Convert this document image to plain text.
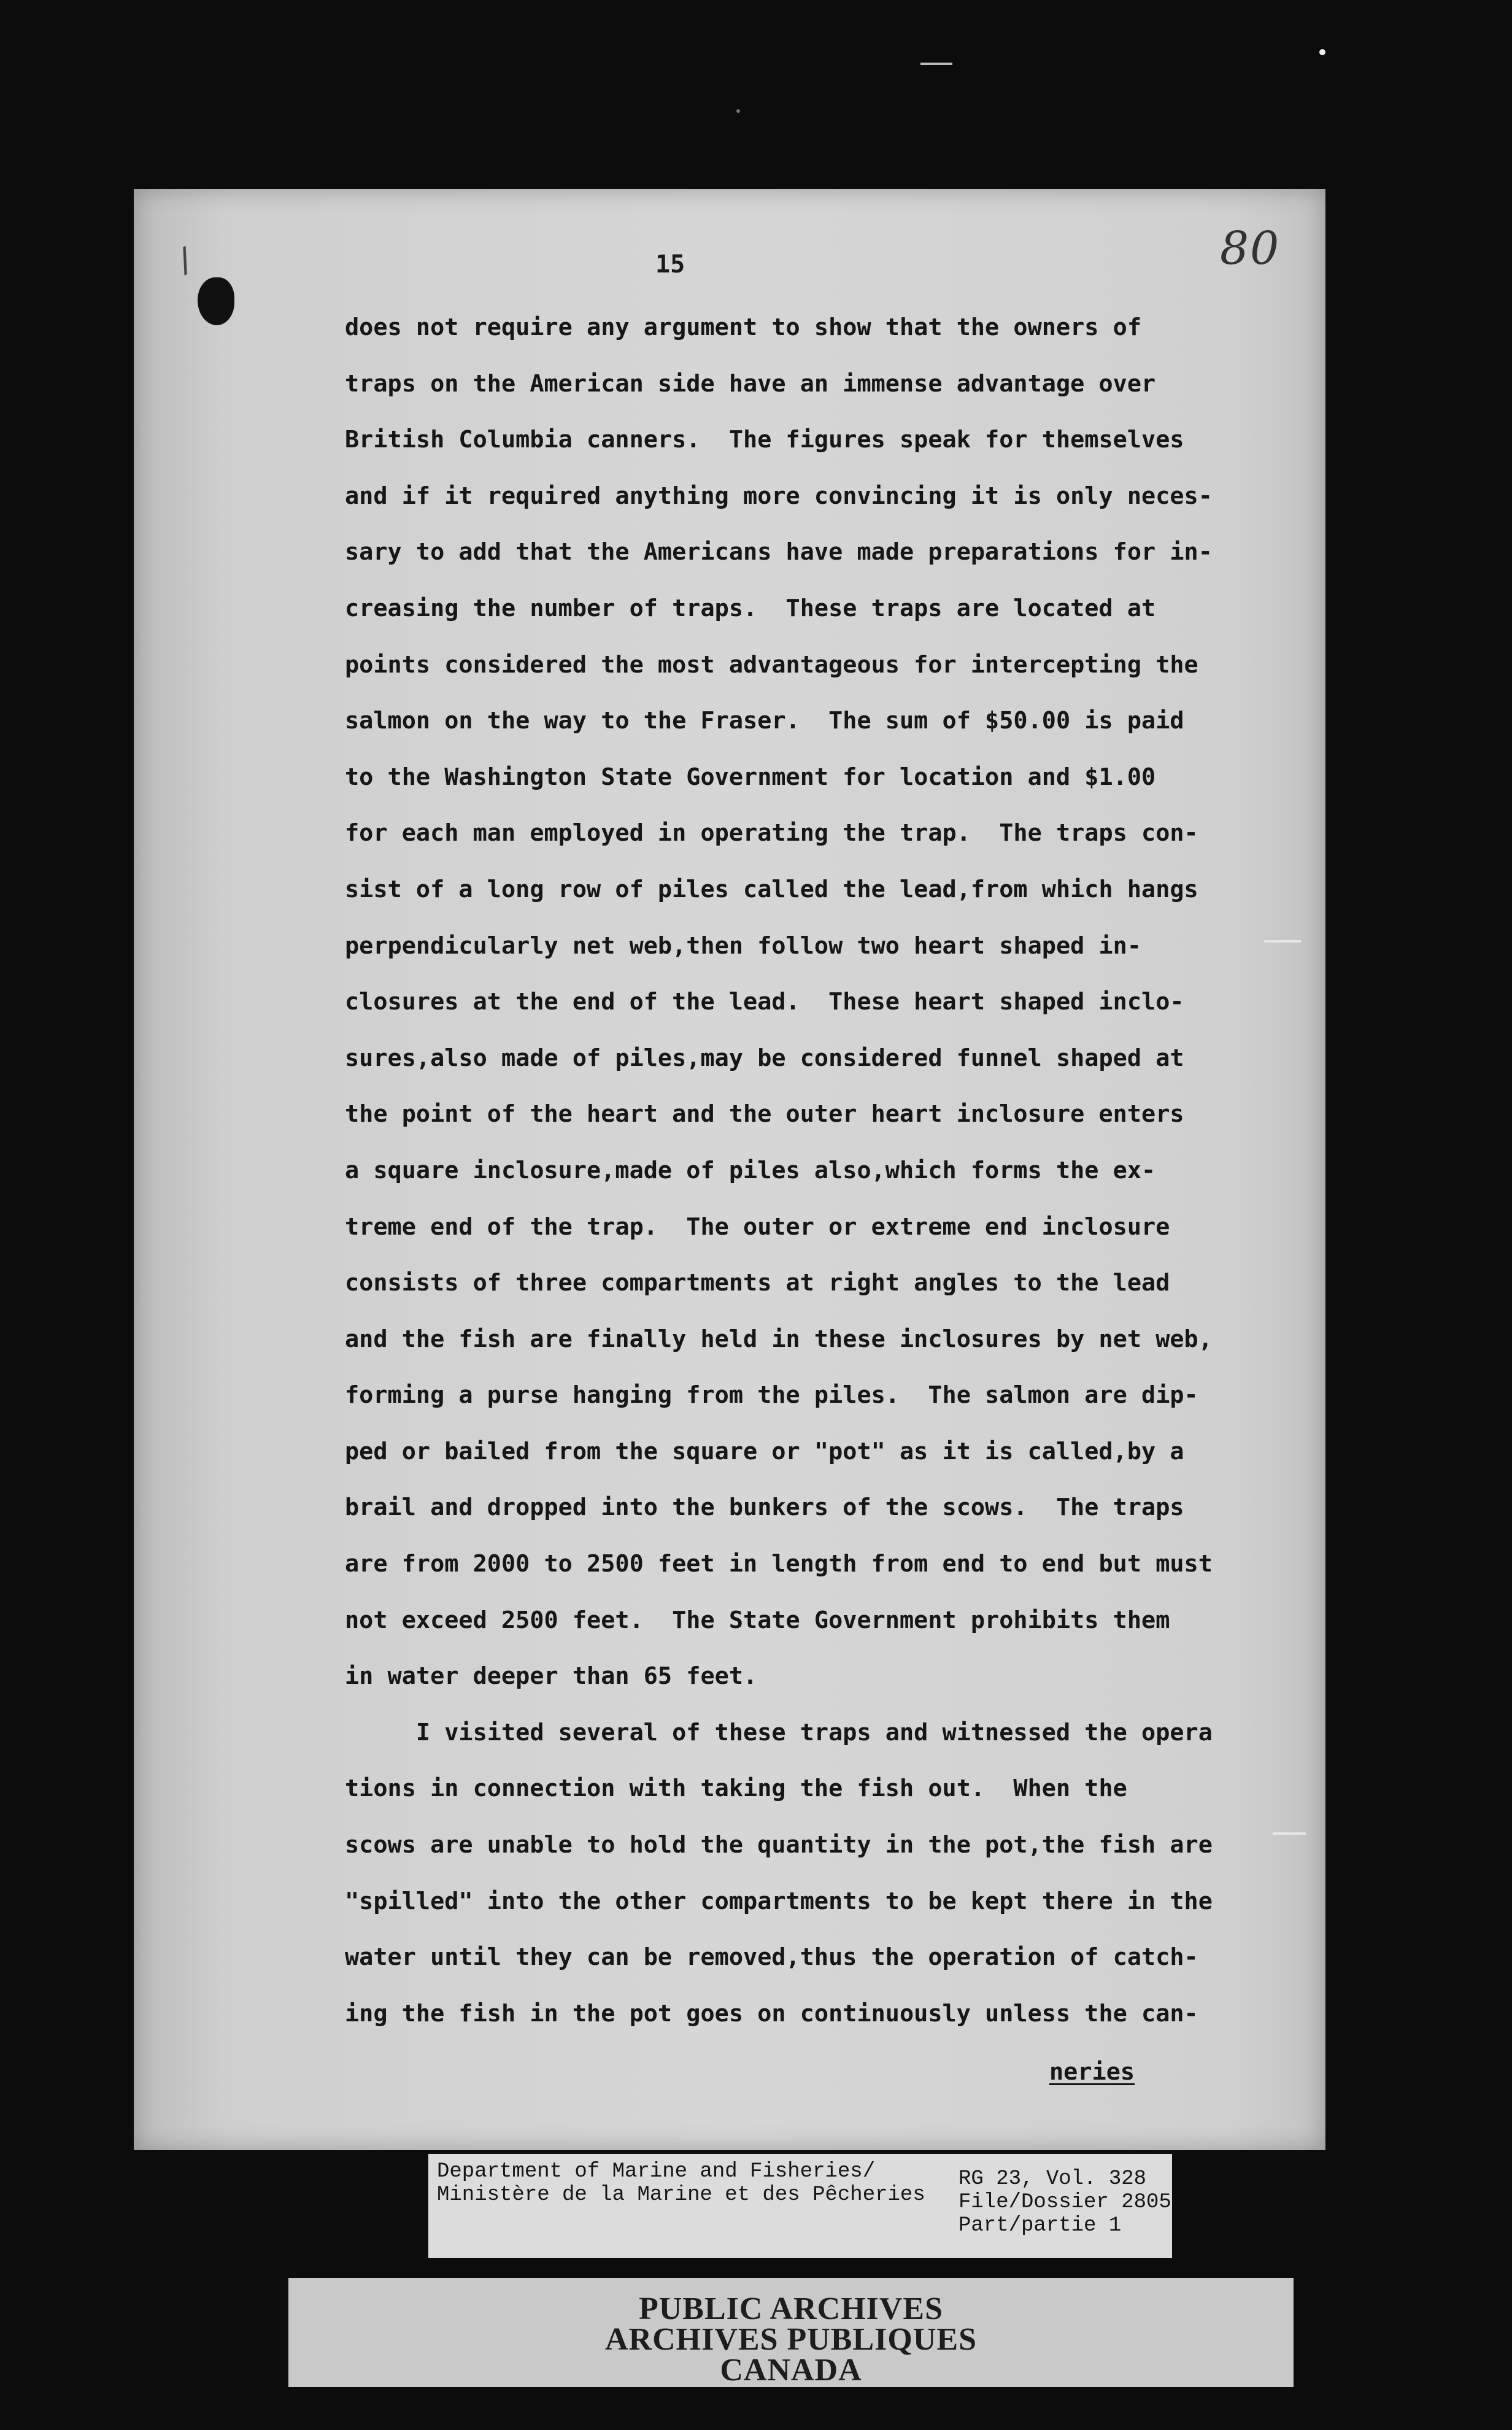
/	15	80
does not require any argument to show that the owners of
traps on the American side have an immense advantage over
British Columbia canners.  The figures speak for themselves
and if it required anything more convincing it is only neces-
sary to add that the Americans have made preparations for in-
creasing the number of traps.  These traps are located at
points considered the most advantageous for intercepting the
salmon on the way to the Fraser.  The sum of $50.00 is paid
to the Washington State Government for location and $1.00
for each man employed in operating the trap.  The traps con-
sist of a long row of piles called the lead,from which hangs
perpendicularly net web,then follow two heart shaped in-
closures at the end of the lead.  These heart shaped inclo-
sures,also made of piles,may be considered funnel shaped at
the point of the heart and the outer heart inclosure enters
a square inclosure,made of piles also,which forms the ex-
treme end of the trap.  The outer or extreme end inclosure
consists of three compartments at right angles to the lead
and the fish are finally held in these inclosures by net web,
forming a purse hanging from the piles.  The salmon are dip-
ped or bailed from the square or "pot" as it is called,by a
brail and dropped into the bunkers of the scows.  The traps
are from 2000 to 2500 feet in length from end to end but must
not exceed 2500 feet.  The State Government prohibits them
in water deeper than 65 feet.
I visited several of these traps and witnessed the opera
tions in connection with taking the fish out.  When the
scows are unable to hold the quantity in the pot,the fish are
"spilled" into the other compartments to be kept there in the
water until they can be removed,thus the operation of catch-
ing the fish in the pot goes on continuously unless the can-
neries
Department of Marine and Fisheries/
Ministère de la Marine et des Pêcheries
RG 23, Vol. 328
File/Dossier 2805
Part/partie 1
PUBLIC ARCHIVES
ARCHIVES PUBLIQUES
CANADA
